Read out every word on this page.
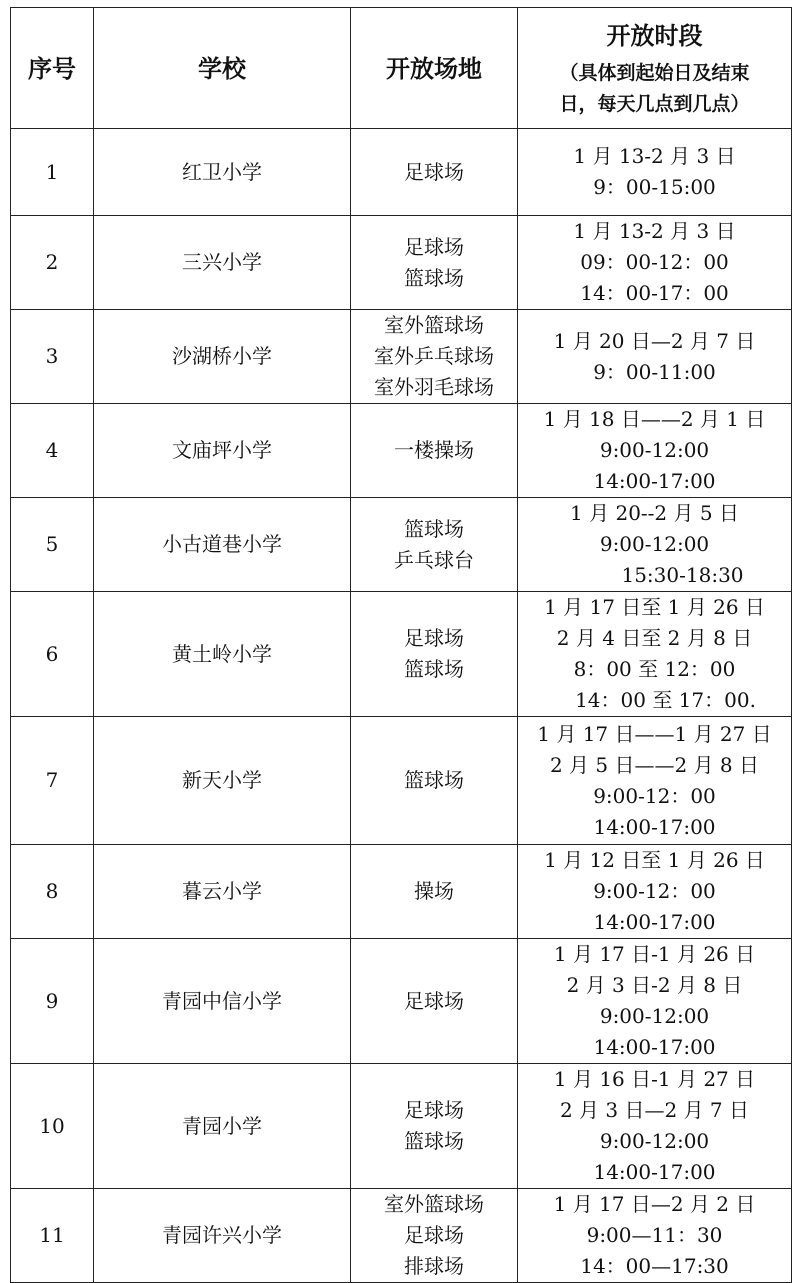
序号	学校	开放场地	开放时段
（具体到起始日及结束
日，每天几点到几点）

1	红卫小学	足球场	1 月 13-2 月 3 日
9：00-15:00

2	三兴小学	足球场
篮球场	1 月 13-2 月 3 日
09：00-12：00
14：00-17：00

3	沙湖桥小学	室外篮球场
室外乒乓球场
室外羽毛球场	1 月 20 日—2 月 7 日
9：00-11:00

4	文庙坪小学	一楼操场	1 月 18 日——2 月 1 日
9:00-12:00
14:00-17:00

5	小古道巷小学	篮球场
乒乓球台	1 月 20--2 月 5 日
9:00-12:00
15:30-18:30

6	黄土岭小学	足球场
篮球场	1 月 17 日至 1 月 26 日
2 月 4 日至 2 月 8 日
8：00 至 12：00
14：00 至 17：00.

7	新天小学	篮球场	1 月 17 日——1 月 27 日
2 月 5 日——2 月 8 日
9:00-12：00
14:00-17:00

8	暮云小学	操场	1 月 12 日至 1 月 26 日
9:00-12：00
14:00-17:00

9	青园中信小学	足球场	1 月 17 日-1 月 26 日
2 月 3 日-2 月 8 日
9:00-12:00
14:00-17:00

10	青园小学	足球场
篮球场	1 月 16 日-1 月 27 日
2 月 3 日—2 月 7 日
9:00-12:00
14:00-17:00

11	青园许兴小学	室外篮球场
足球场
排球场	1 月 17 日—2 月 2 日
9:00—11：30
14：00—17:30
